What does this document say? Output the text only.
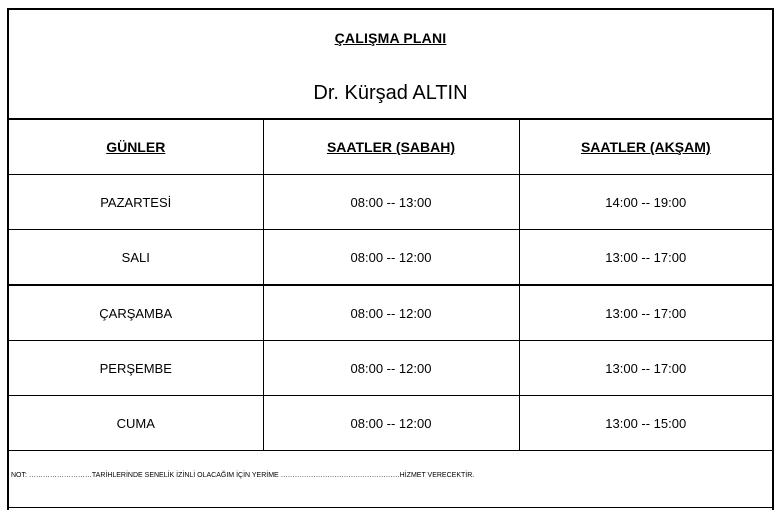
ÇALIŞMA PLANI
Dr. Kürşad ALTIN
GÜNLER	SAATLER (SABAH)	SAATLER (AKŞAM)
PAZARTESİ	08:00 -- 13:00	14:00 -- 19:00
SALI	08:00 -- 12:00	13:00 -- 17:00
ÇARŞAMBA	08:00 -- 12:00	13:00 -- 17:00
PERŞEMBE	08:00 -- 12:00	13:00 -- 17:00
CUMA	08:00 -- 12:00	13:00 -- 15:00
NOT: ………………………TARİHLERİNDE SENELİK İZİNLİ OLACAĞIM İÇİN YERİME ……………………………………………HİZMET VERECEKTİR.
